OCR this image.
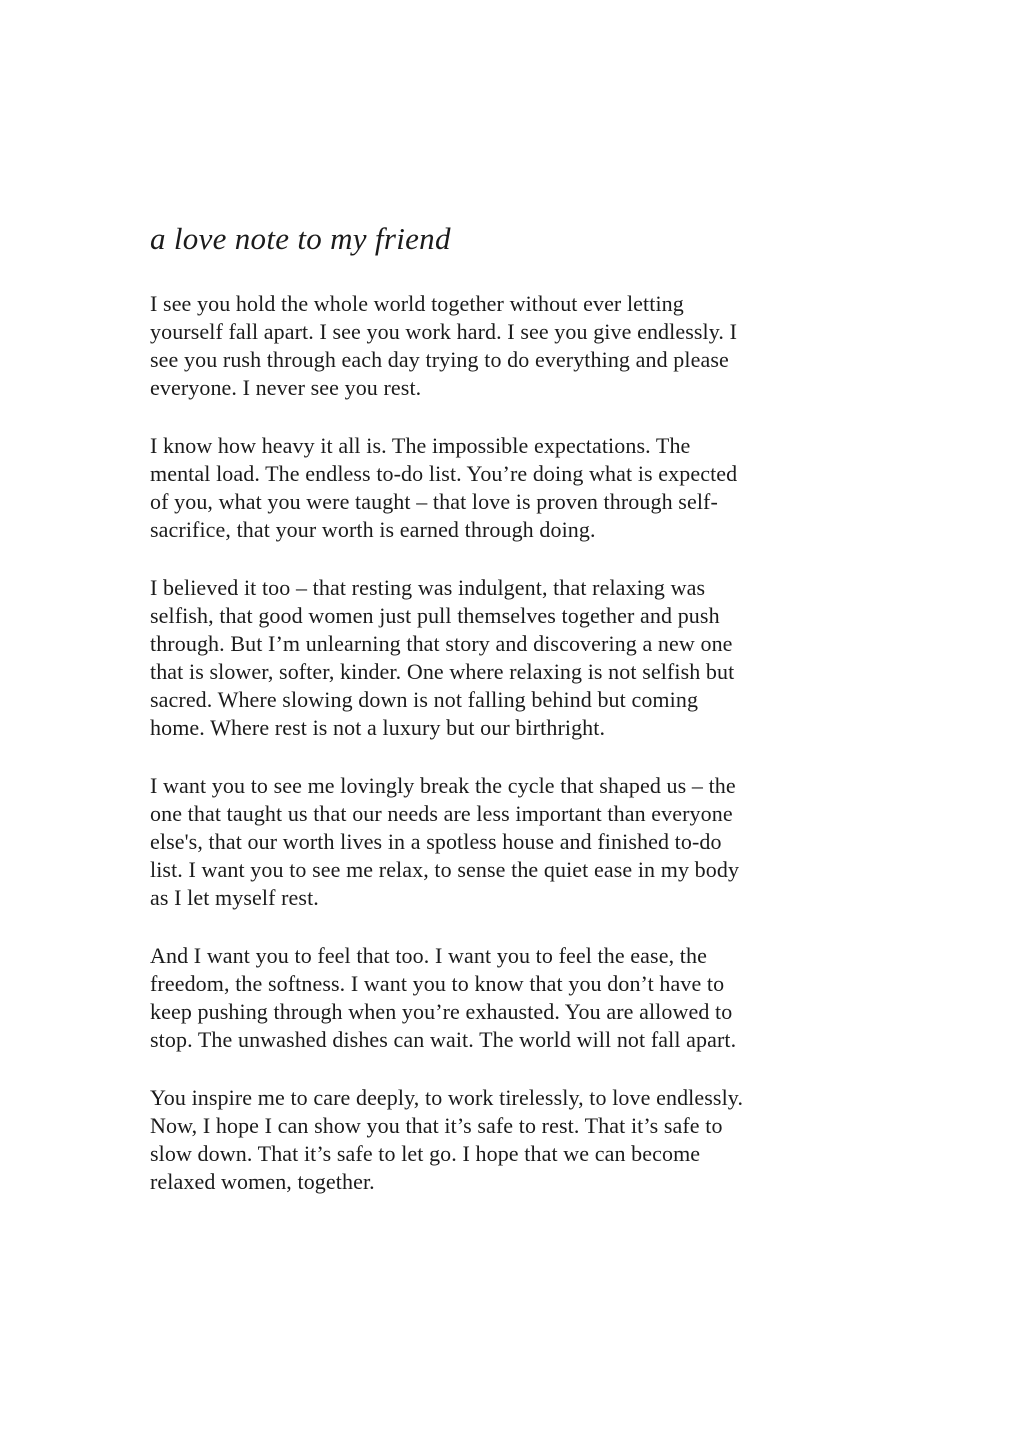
a love note to my friend
I see you hold the whole world together without ever letting
yourself fall apart. I see you work hard. I see you give endlessly. I
see you rush through each day trying to do everything and please
everyone. I never see you rest.
I know how heavy it all is. The impossible expectations. The
mental load. The endless to-do list. You’re doing what is expected
of you, what you were taught – that love is proven through self-
sacrifice, that your worth is earned through doing.
I believed it too – that resting was indulgent, that relaxing was
selfish, that good women just pull themselves together and push
through. But I’m unlearning that story and discovering a new one
that is slower, softer, kinder. One where relaxing is not selfish but
sacred. Where slowing down is not falling behind but coming
home. Where rest is not a luxury but our birthright.
I want you to see me lovingly break the cycle that shaped us – the
one that taught us that our needs are less important than everyone
else's, that our worth lives in a spotless house and finished to-do
list. I want you to see me relax, to sense the quiet ease in my body
as I let myself rest.
And I want you to feel that too. I want you to feel the ease, the
freedom, the softness. I want you to know that you don’t have to
keep pushing through when you’re exhausted. You are allowed to
stop. The unwashed dishes can wait. The world will not fall apart.
You inspire me to care deeply, to work tirelessly, to love endlessly.
Now, I hope I can show you that it’s safe to rest. That it’s safe to
slow down. That it’s safe to let go. I hope that we can become
relaxed women, together.
